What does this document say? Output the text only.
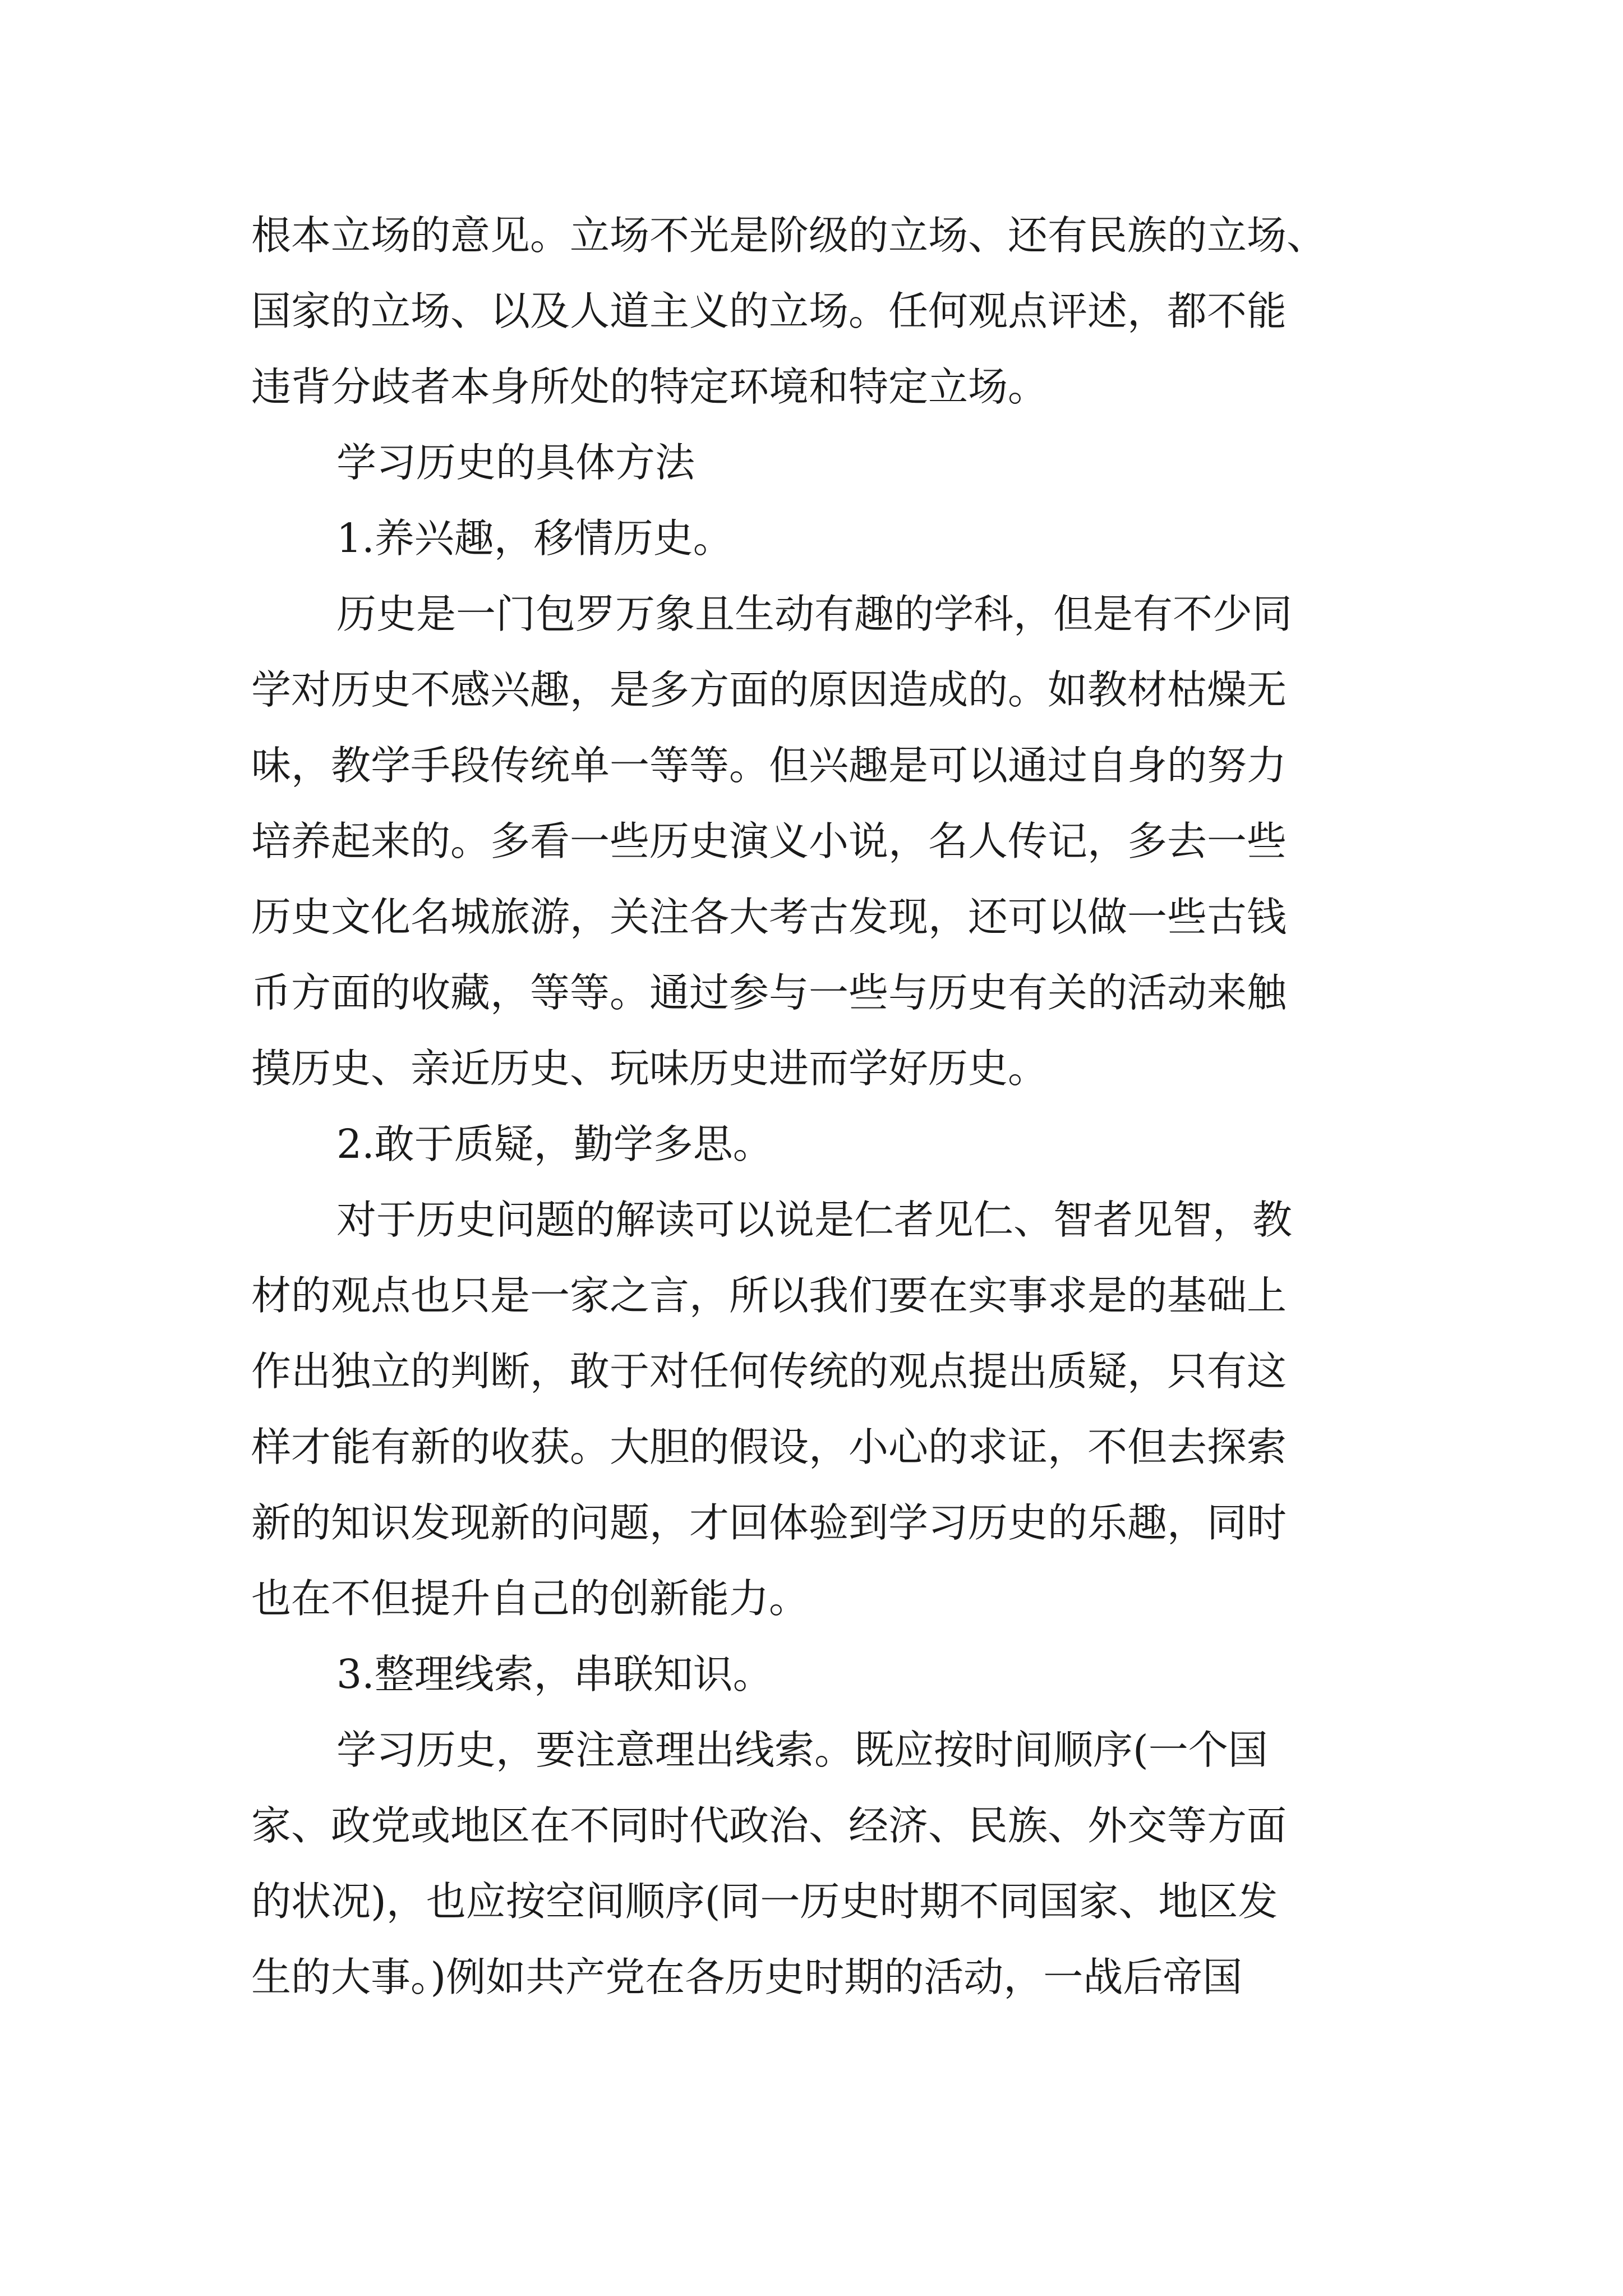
根本立场的意见。立场不光是阶级的立场、还有民族的立场、
国家的立场、以及人道主义的立场。任何观点评述，都不能
违背分歧者本身所处的特定环境和特定立场。
学习历史的具体方法
1.养兴趣，移情历史。
历史是一门包罗万象且生动有趣的学科，但是有不少同
学对历史不感兴趣，是多方面的原因造成的。如教材枯燥无
味，教学手段传统单一等等。但兴趣是可以通过自身的努力
培养起来的。多看一些历史演义小说，名人传记，多去一些
历史文化名城旅游，关注各大考古发现，还可以做一些古钱
币方面的收藏，等等。通过参与一些与历史有关的活动来触
摸历史、亲近历史、玩味历史进而学好历史。
2.敢于质疑，勤学多思。
对于历史问题的解读可以说是仁者见仁、智者见智，教
材的观点也只是一家之言，所以我们要在实事求是的基础上
作出独立的判断，敢于对任何传统的观点提出质疑，只有这
样才能有新的收获。大胆的假设，小心的求证，不但去探索
新的知识发现新的问题，才回体验到学习历史的乐趣，同时
也在不但提升自己的创新能力。
3.整理线索，串联知识。
学习历史，要注意理出线索。既应按时间顺序(一个国
家、政党或地区在不同时代政治、经济、民族、外交等方面
的状况)，也应按空间顺序(同一历史时期不同国家、地区发
生的大事。)例如共产党在各历史时期的活动，一战后帝国
